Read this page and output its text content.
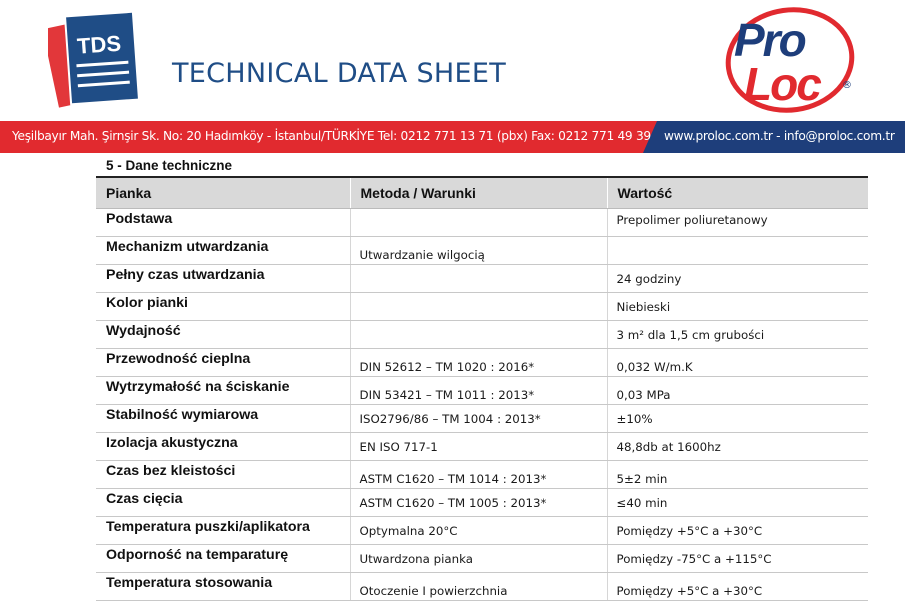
TDS
TECHNICAL DATA SHEET
Pro
Loc ®
Yeşilbayır Mah. Şirnşir Sk. No: 20 Hadımköy - İstanbul/TÜRKİYE Tel: 0212 771 13 71 (pbx) Fax: 0212 771 49 39 www.proloc.com.tr - info@proloc.com.tr
5 - Dane techniczne
Pianka	Metoda / Warunki	Wartość

Podstawa		Prepolimer poliuretanowy

Mechanizm utwardzania	Utwardzanie wilgocią	

Pełny czas utwardzania		24 godziny

Kolor pianki		Niebieski

Wydajność		3 m² dla 1,5 cm grubości

Przewodność cieplna	DIN 52612 – TM 1020 : 2016*	0,032 W/m.K

Wytrzymałość na ściskanie	DIN 53421 – TM 1011 : 2013*	0,03 MPa

Stabilność wymiarowa	ISO2796/86 – TM 1004 : 2013*	±10%

Izolacja akustyczna	EN ISO 717-1	48,8db at 1600hz

Czas bez kleistości	ASTM C1620 – TM 1014 : 2013*	5±2 min

Czas cięcia	ASTM C1620 – TM 1005 : 2013*	≤40 min

Temperatura puszki/aplikatora	Optymalna 20°C	Pomiędzy +5°C a +30°C

Odporność na temparaturę	Utwardzona pianka	Pomiędzy -75°C a +115°C

Temperatura stosowania	Otoczenie I powierzchnia	Pomiędzy +5°C a +30°C
